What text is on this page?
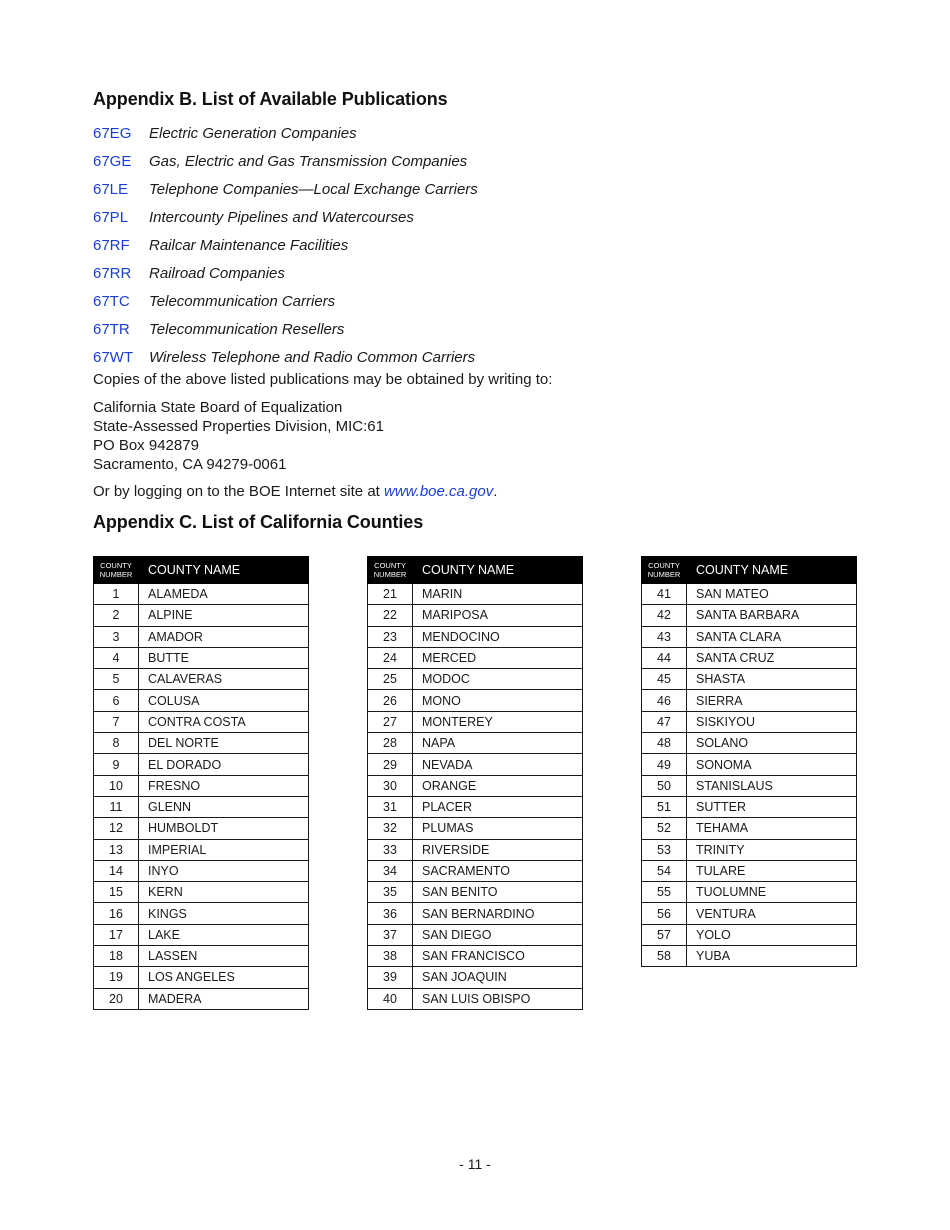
Appendix B. List of Available Publications
67EG	Electric Generation Companies
67GE	Gas, Electric and Gas Transmission Companies
67LE	Telephone Companies—Local Exchange Carriers
67PL	Intercounty Pipelines and Watercourses
67RF	Railcar Maintenance Facilities
67RR	Railroad Companies
67TC	Telecommunication Carriers
67TR	Telecommunication Resellers
67WT	Wireless Telephone and Radio Common Carriers
Copies of the above listed publications may be obtained by writing to:
California State Board of Equalization
State-Assessed Properties Division, MIC:61
PO Box 942879
Sacramento, CA 94279-0061
Or by logging on to the BOE Internet site at www.boe.ca.gov.
Appendix C. List of California Counties
COUNTY
NUMBER	COUNTY NAME
1	ALAMEDA
2	ALPINE
3	AMADOR
4	BUTTE
5	CALAVERAS
6	COLUSA
7	CONTRA COSTA
8	DEL NORTE
9	EL DORADO
10	FRESNO
11	GLENN
12	HUMBOLDT
13	IMPERIAL
14	INYO
15	KERN
16	KINGS
17	LAKE
18	LASSEN
19	LOS ANGELES
20	MADERA
COUNTY
NUMBER	COUNTY NAME
21	MARIN
22	MARIPOSA
23	MENDOCINO
24	MERCED
25	MODOC
26	MONO
27	MONTEREY
28	NAPA
29	NEVADA
30	ORANGE
31	PLACER
32	PLUMAS
33	RIVERSIDE
34	SACRAMENTO
35	SAN BENITO
36	SAN BERNARDINO
37	SAN DIEGO
38	SAN FRANCISCO
39	SAN JOAQUIN
40	SAN LUIS OBISPO
COUNTY
NUMBER	COUNTY NAME
41	SAN MATEO
42	SANTA BARBARA
43	SANTA CLARA
44	SANTA CRUZ
45	SHASTA
46	SIERRA
47	SISKIYOU
48	SOLANO
49	SONOMA
50	STANISLAUS
51	SUTTER
52	TEHAMA
53	TRINITY
54	TULARE
55	TUOLUMNE
56	VENTURA
57	YOLO
58	YUBA
- 11 -
